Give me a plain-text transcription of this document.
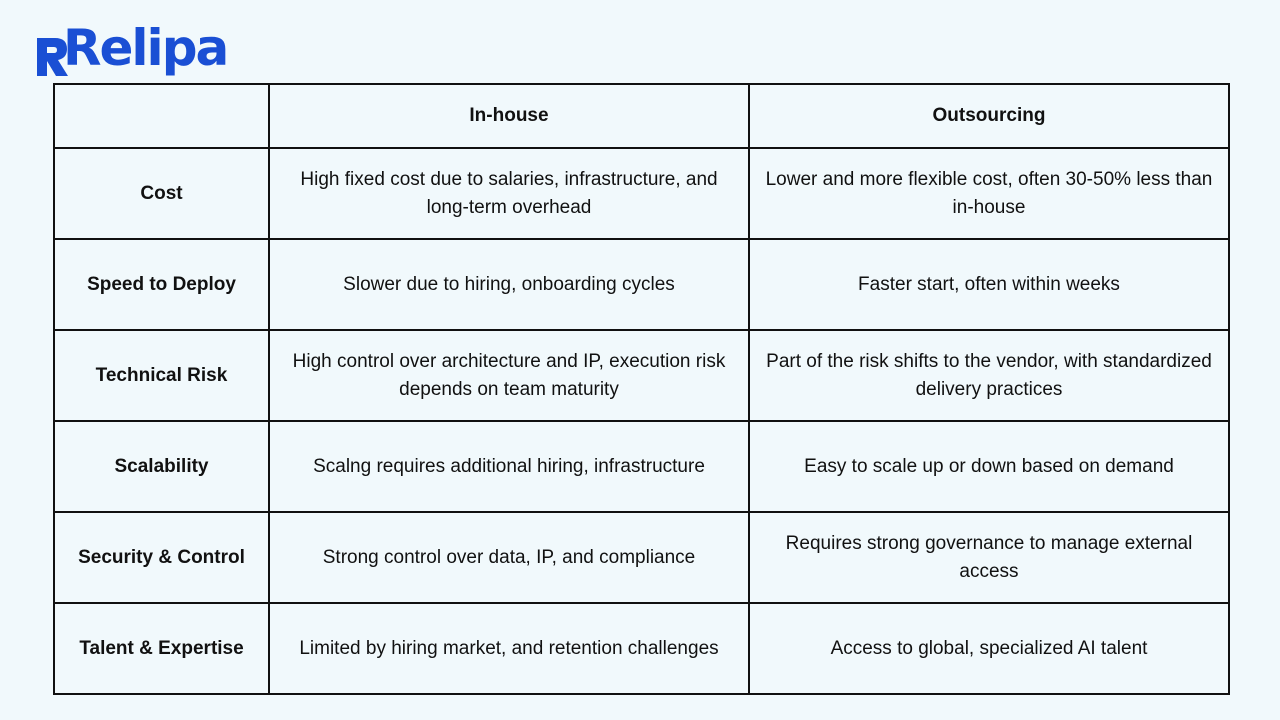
Relipa
	In-house	Outsourcing
Cost	High fixed cost due to salaries, infrastructure, and long-term overhead	Lower and more flexible cost, often 30-50% less than in-house
Speed to Deploy	Slower due to hiring, onboarding cycles	Faster start, often within weeks
Technical Risk	High control over architecture and IP, execution risk depends on team maturity	Part of the risk shifts to the vendor, with standardized delivery practices
Scalability	Scalng requires additional hiring, infrastructure	Easy to scale up or down based on demand
Security & Control	Strong control over data, IP, and compliance	Requires strong governance to manage external access
Talent & Expertise	Limited by hiring market, and retention challenges	Access to global, specialized AI talent
